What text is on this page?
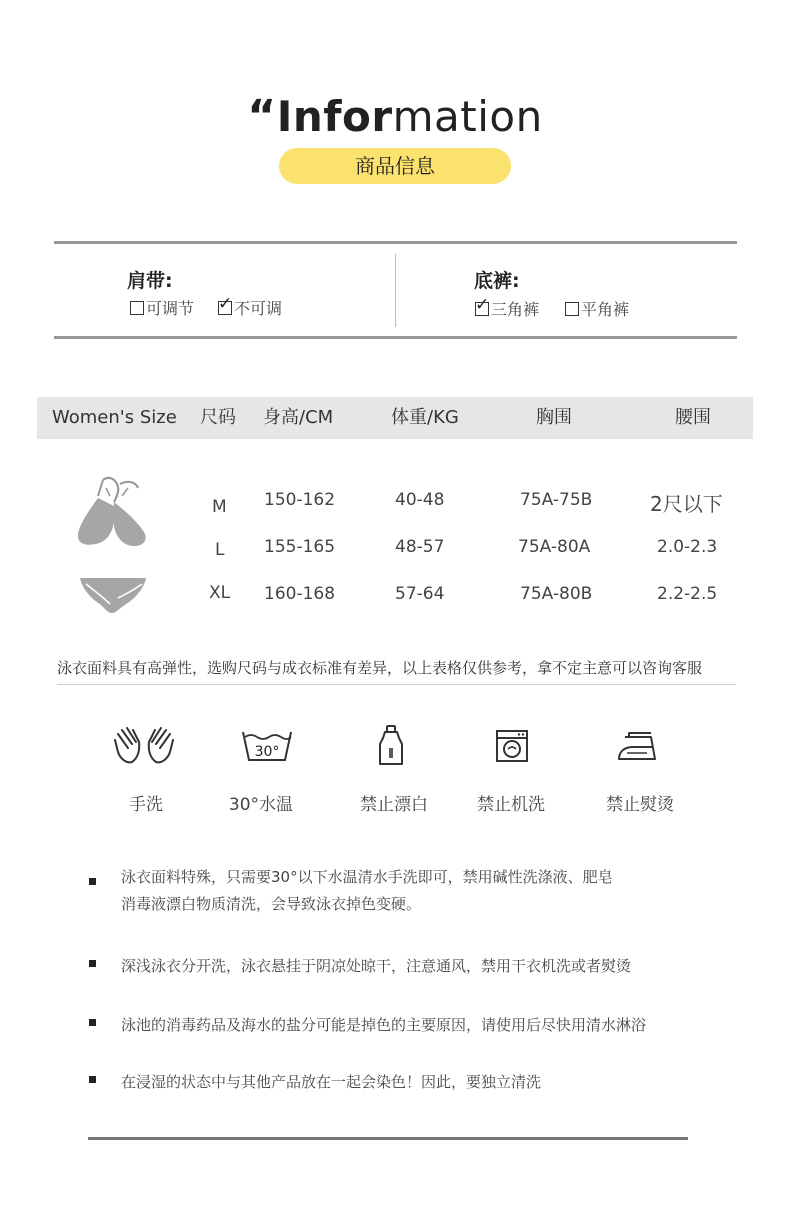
“Information
商品信息
肩带:
可调节
✓	不可调
底裤:
✓三角裤	平角裤
Women's Size 尺码 身高/CM	体重/KG	胸围	腰围
M 150-162	40-48	75A-75B	2尺以下
L 155-165	48-57	75A-80A	2.0-2.3
XL 160-168	57-64	75A-80B	2.2-2.5
泳衣面料具有高弹性，选购尺码与成衣标准有差异，以上表格仅供参考，拿不定主意可以咨询客服
30°
手洗	30°水温	禁止漂白	禁止机洗	禁止熨烫
泳衣面料特殊，只需要30°以下水温清水手洗即可，禁用碱性洗涤液、肥皂
消毒液漂白物质清洗，会导致泳衣掉色变硬。
深浅泳衣分开洗，泳衣悬挂于阴凉处晾干，注意通风，禁用干衣机洗或者熨烫
泳池的消毒药品及海水的盐分可能是掉色的主要原因，请使用后尽快用清水淋浴
在浸湿的状态中与其他产品放在一起会染色！因此，要独立清洗
